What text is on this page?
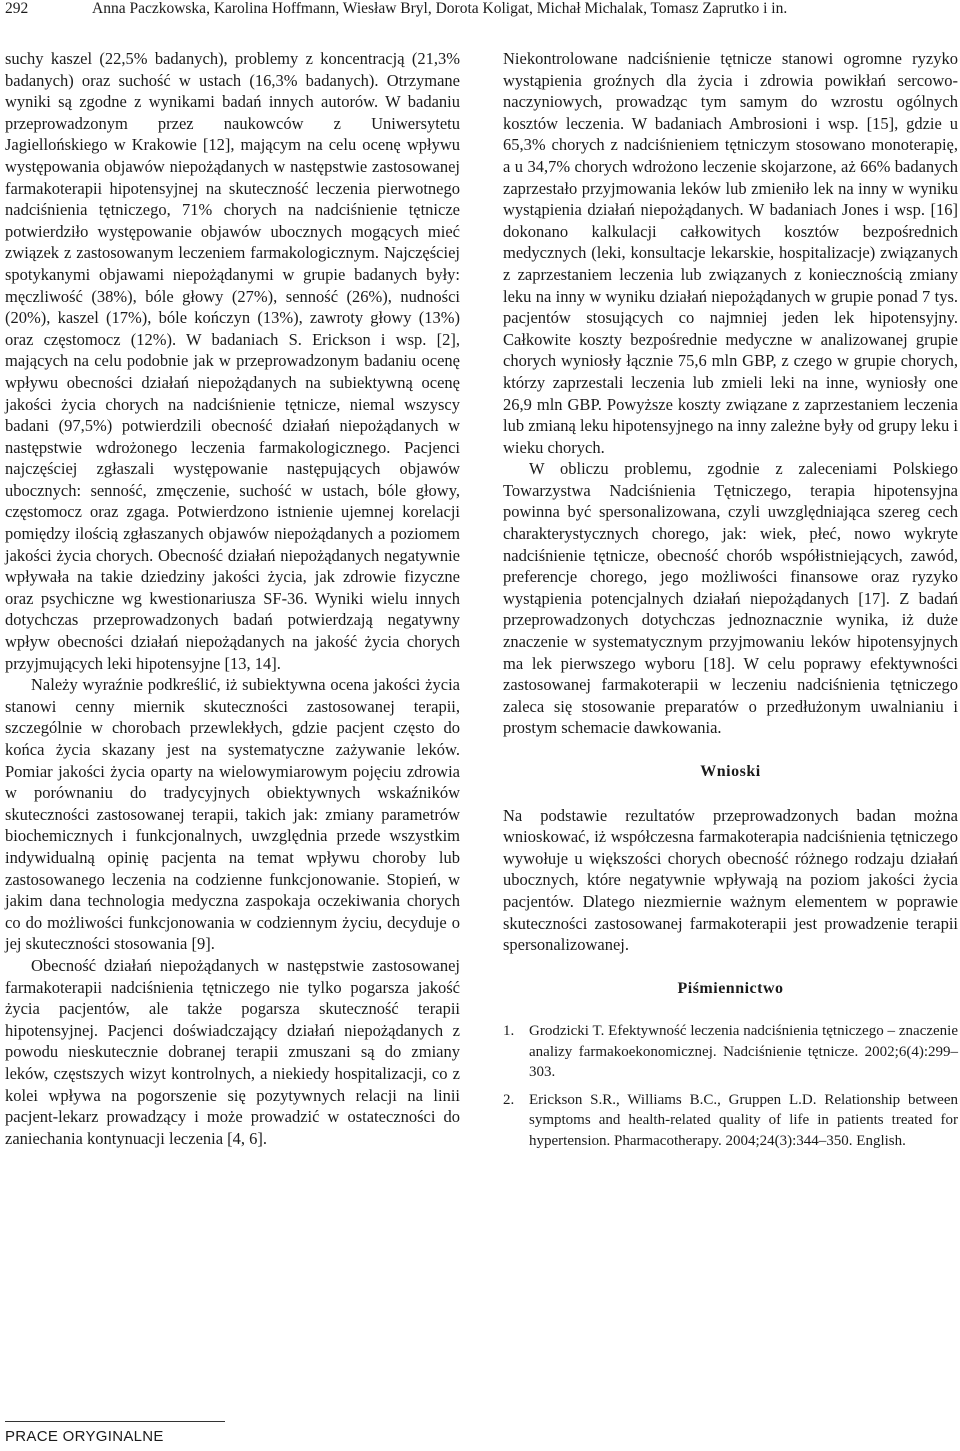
292	Anna Paczkowska, Karolina Hoffmann, Wiesław Bryl, Dorota Koligat, Michał Michalak, Tomasz Zaprutko i in.

suchy kaszel (22,5% badanych), problemy z koncentracją (21,3% badanych) oraz suchość w ustach (16,3% badanych). Otrzymane wyniki są zgodne z wynikami badań innych autorów. W badaniu przeprowadzonym przez naukowców z Uniwersytetu Jagiellońskiego w Krakowie [12], mającym na celu ocenę wpływu występowania objawów niepożądanych w następstwie zastosowanej farmakoterapii hipotensyjnej na skuteczność leczenia pierwotnego nadciśnienia tętniczego, 71% chorych na nadciśnienie tętnicze potwierdziło występowanie objawów ubocznych mogących mieć związek z zastosowanym leczeniem farmakologicznym. Najczęściej spotykanymi objawami niepożądanymi w grupie badanych były: męczliwość (38%), bóle głowy (27%), senność (26%), nudności (20%), kaszel (17%), bóle kończyn (13%), zawroty głowy (13%) oraz częstomocz (12%). W badaniach S. Erickson i wsp. [2], mających na celu podobnie jak w przeprowadzonym badaniu ocenę wpływu obecności działań niepożądanych na subiektywną ocenę jakości życia chorych na nadciśnienie tętnicze, niemal wszyscy badani (97,5%) potwierdzili obecność działań niepożądanych w następstwie wdrożonego leczenia farmakologicznego. Pacjenci najczęściej zgłaszali występowanie następujących objawów ubocznych: senność, zmęczenie, suchość w ustach, bóle głowy, częstomocz oraz zgaga. Potwierdzono istnienie ujemnej korelacji pomiędzy ilością zgłaszanych objawów niepożądanych a poziomem jakości życia chorych. Obecność działań niepożądanych negatywnie wpływała na takie dziedziny jakości życia, jak zdrowie fizyczne oraz psychiczne wg kwestionariusza SF-36. Wyniki wielu innych dotychczas przeprowadzonych badań potwierdzają negatywny wpływ obecności działań niepożądanych na jakość życia chorych przyjmujących leki hipotensyjne [13, 14].

Należy wyraźnie podkreślić, iż subiektywna ocena jakości życia stanowi cenny miernik skuteczności zastosowanej terapii, szczególnie w chorobach przewlekłych, gdzie pacjent często do końca życia skazany jest na systematyczne zażywanie leków. Pomiar jakości życia oparty na wielowymiarowym pojęciu zdrowia w porównaniu do tradycyjnych obiektywnych wskaźników skuteczności zastosowanej terapii, takich jak: zmiany parametrów biochemicznych i funkcjonalnych, uwzględnia przede wszystkim indywidualną opinię pacjenta na temat wpływu choroby lub zastosowanego leczenia na codzienne funkcjonowanie. Stopień, w jakim dana technologia medyczna zaspokaja oczekiwania chorych co do możliwości funkcjonowania w codziennym życiu, decyduje o jej skuteczności stosowania [9].

Obecność działań niepożądanych w następstwie zastosowanej farmakoterapii nadciśnienia tętniczego nie tylko pogarsza jakość życia pacjentów, ale także pogarsza skuteczność terapii hipotensyjnej. Pacjenci doświadczający działań niepożądanych z powodu nieskutecznie dobranej terapii zmuszani są do zmiany leków, częstszych wizyt kontrolnych, a niekiedy hospitalizacji, co z kolei wpływa na pogorszenie się pozytywnych relacji na linii pacjent-lekarz prowadzący i może prowadzić w ostateczności do zaniechania kontynuacji leczenia [4, 6].

Niekontrolowane nadciśnienie tętnicze stanowi ogromne ryzyko wystąpienia groźnych dla życia i zdrowia powikłań sercowo-naczyniowych, prowadząc tym samym do wzrostu ogólnych kosztów leczenia. W badaniach Ambrosioni i wsp. [15], gdzie u 65,3% chorych z nadciśnieniem tętniczym stosowano monoterapię, a u 34,7% chorych wdrożono leczenie skojarzone, aż 66% badanych zaprzestało przyjmowania leków lub zmieniło lek na inny w wyniku wystąpienia działań niepożądanych. W badaniach Jones i wsp. [16] dokonano kalkulacji całkowitych kosztów bezpośrednich medycznych (leki, konsultacje lekarskie, hospitalizacje) związanych z zaprzestaniem leczenia lub związanych z koniecznością zmiany leku na inny w wyniku działań niepożądanych w grupie ponad 7 tys. pacjentów stosujących co najmniej jeden lek hipotensyjny. Całkowite koszty bezpośrednie medyczne w analizowanej grupie chorych wyniosły łącznie 75,6 mln GBP, z czego w grupie chorych, którzy zaprzestali leczenia lub zmieli leki na inne, wyniosły one 26,9 mln GBP. Powyższe koszty związane z zaprzestaniem leczenia lub zmianą leku hipotensyjnego na inny zależne były od grupy leku i wieku chorych.

W obliczu problemu, zgodnie z zaleceniami Polskiego Towarzystwa Nadciśnienia Tętniczego, terapia hipotensyjna powinna być spersonalizowana, czyli uwzględniająca szereg cech charakterystycznych chorego, jak: wiek, płeć, nowo wykryte nadciśnienie tętnicze, obecność chorób współistniejących, zawód, preferencje chorego, jego możliwości finansowe oraz ryzyko wystąpienia potencjalnych działań niepożądanych [17]. Z badań przeprowadzonych dotychczas jednoznacznie wynika, iż duże znaczenie w systematycznym przyjmowaniu leków hipotensyjnych ma lek pierwszego wyboru [18]. W celu poprawy efektywności zastosowanej farmakoterapii w leczeniu nadciśnienia tętniczego zaleca się stosowanie preparatów o przedłużonym uwalnianiu i prostym schemacie dawkowania.

Wnioski

Na podstawie rezultatów przeprowadzonych badan można wnioskować, iż współczesna farmakoterapia nadciśnienia tętniczego wywołuje u większości chorych obecność różnego rodzaju działań ubocznych, które negatywnie wpływają na poziom jakości życia pacjentów. Dlatego niezmiernie ważnym elementem w poprawie skuteczności zastosowanej farmakoterapii jest prowadzenie terapii spersonalizowanej.

Piśmiennictwo
1. Grodzicki T. Efektywność leczenia nadciśnienia tętniczego – znaczenie analizy farmakoekonomicznej. Nadciśnienie tętnicze. 2002;6(4):299–303.
2. Erickson S.R., Williams B.C., Gruppen L.D. Relationship between symptoms and health-related quality of life in patients treated for hypertension. Pharmacotherapy. 2004;24(3):344–350. English.
PRACE ORYGINALNE
